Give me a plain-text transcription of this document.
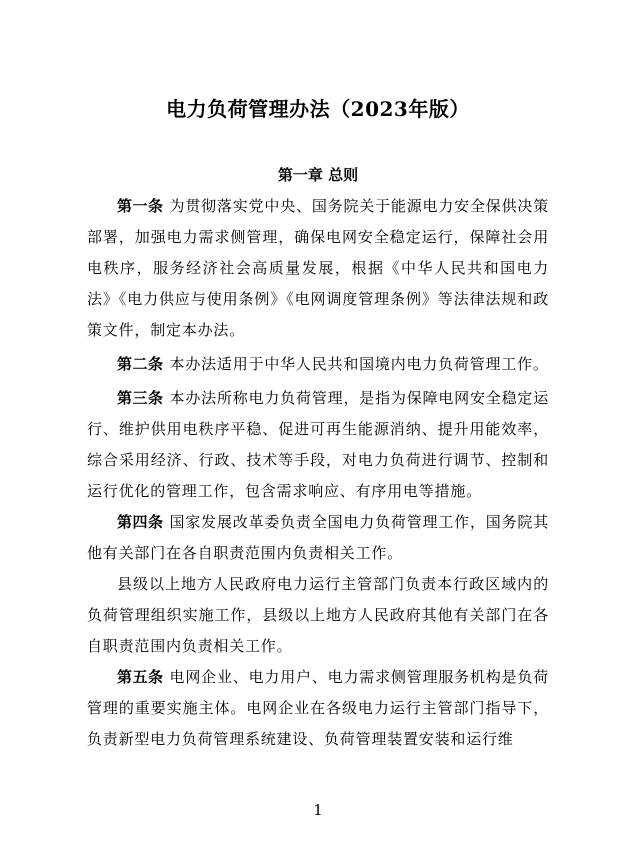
电力负荷管理办法（2023年版）
第一章 总则

第一条 为贯彻落实党中央、国务院关于能源电力安全保供决策部署，加强电力需求侧管理，确保电网安全稳定运行，保障社会用电秩序，服务经济社会高质量发展，根据《中华人民共和国电力法》《电力供应与使用条例》《电网调度管理条例》等法律法规和政策文件，制定本办法。

第二条 本办法适用于中华人民共和国境内电力负荷管理工作。

第三条 本办法所称电力负荷管理，是指为保障电网安全稳定运行、维护供用电秩序平稳、促进可再生能源消纳、提升用能效率，综合采用经济、行政、技术等手段，对电力负荷进行调节、控制和运行优化的管理工作，包含需求响应、有序用电等措施。

第四条 国家发展改革委负责全国电力负荷管理工作，国务院其他有关部门在各自职责范围内负责相关工作。

县级以上地方人民政府电力运行主管部门负责本行政区域内的负荷管理组织实施工作，县级以上地方人民政府其他有关部门在各自职责范围内负责相关工作。

第五条 电网企业、电力用户、电力需求侧管理服务机构是负荷管理的重要实施主体。电网企业在各级电力运行主管部门指导下，负责新型电力负荷管理系统建设、负荷管理装置安装和运行维

1
